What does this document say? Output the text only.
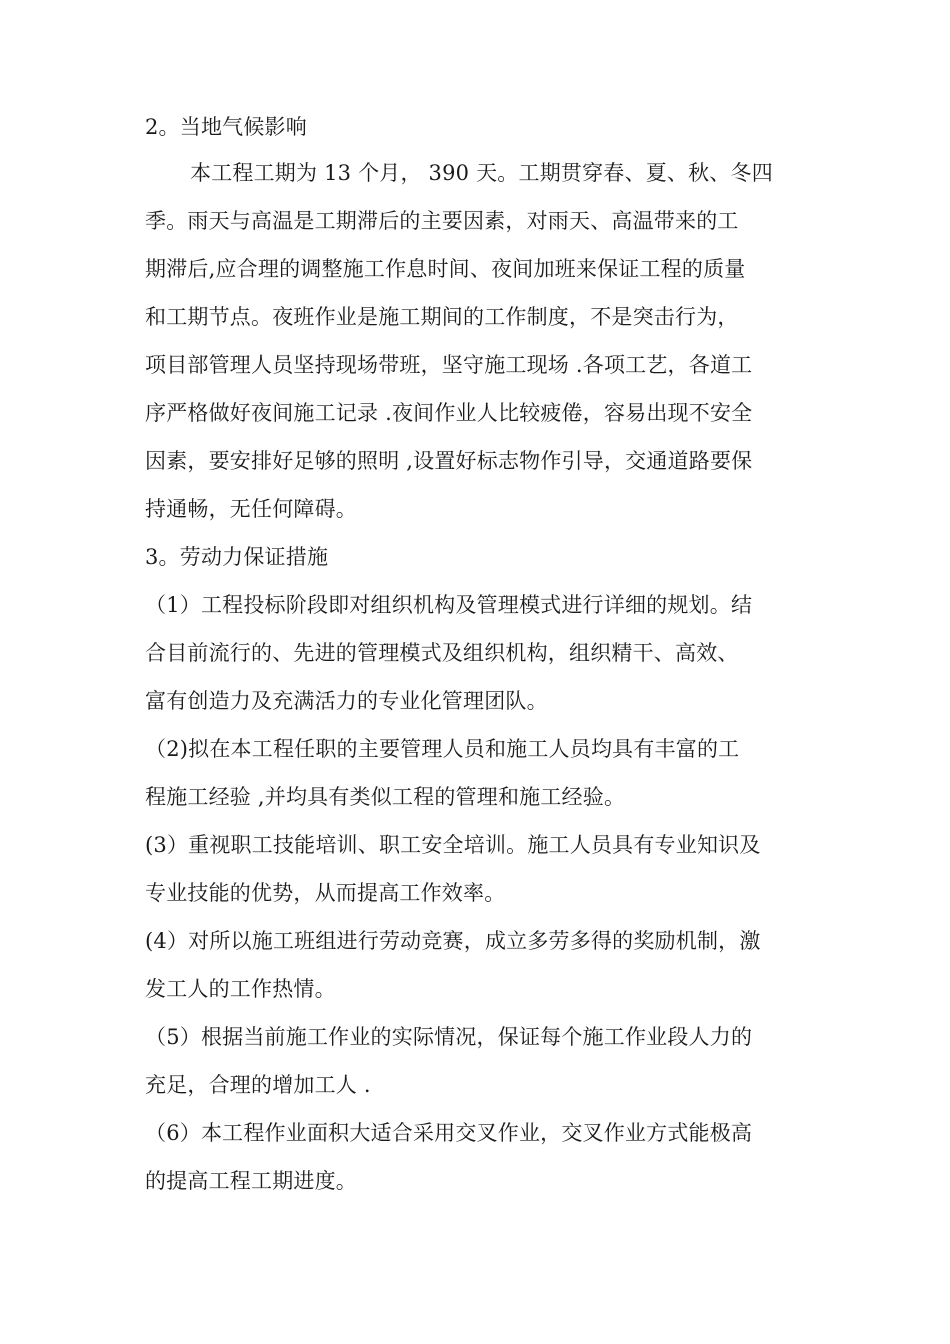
2。当地气候影响
本工程工期为 13 个月， 390 天。工期贯穿春、夏、秋、冬四
季。雨天与高温是工期滞后的主要因素，对雨天、高温带来的工
期滞后,应合理的调整施工作息时间、夜间加班来保证工程的质量
和工期节点。夜班作业是施工期间的工作制度，不是突击行为，
项目部管理人员坚持现场带班，坚守施工现场 .各项工艺，各道工
序严格做好夜间施工记录 .夜间作业人比较疲倦，容易出现不安全
因素，要安排好足够的照明 ,设置好标志物作引导，交通道路要保
持通畅，无任何障碍。
3。劳动力保证措施
（1）工程投标阶段即对组织机构及管理模式进行详细的规划。结
合目前流行的、先进的管理模式及组织机构，组织精干、高效、
富有创造力及充满活力的专业化管理团队。
（2)拟在本工程任职的主要管理人员和施工人员均具有丰富的工
程施工经验 ,并均具有类似工程的管理和施工经验。
(3）重视职工技能培训、职工安全培训。施工人员具有专业知识及
专业技能的优势，从而提高工作效率。
(4）对所以施工班组进行劳动竞赛，成立多劳多得的奖励机制，激
发工人的工作热情。
（5）根据当前施工作业的实际情况，保证每个施工作业段人力的
充足，合理的增加工人 .
（6）本工程作业面积大适合采用交叉作业，交叉作业方式能极高
的提高工程工期进度。
